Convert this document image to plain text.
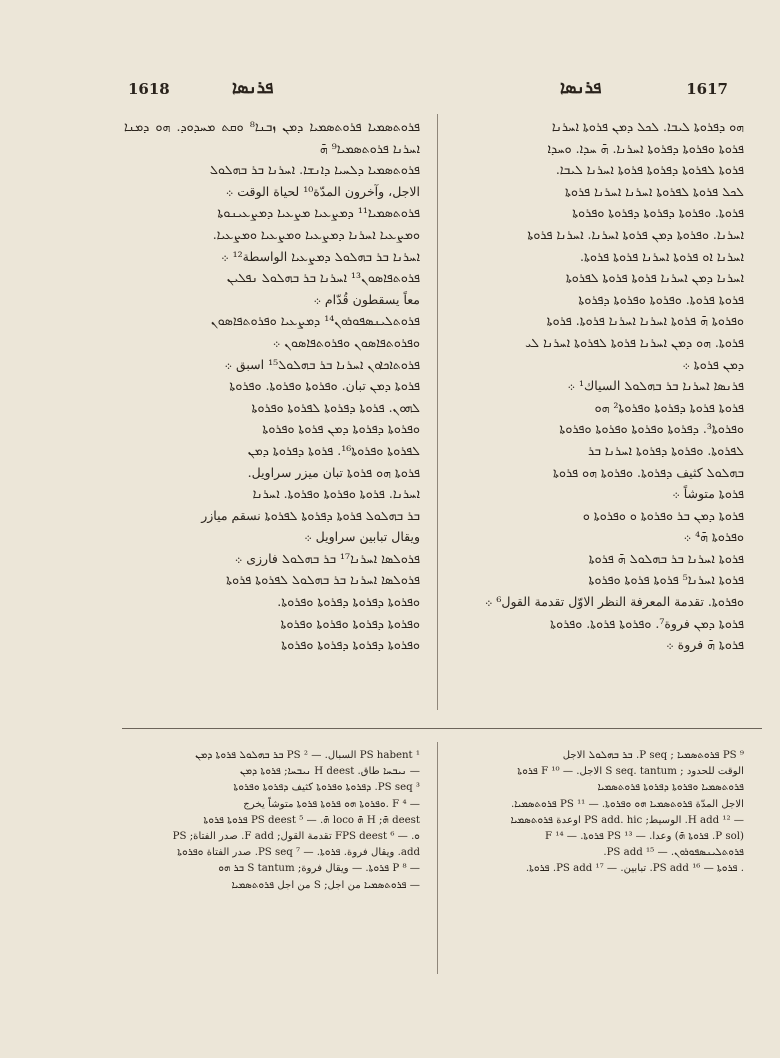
1618	ܦܪܢܣܐ	ܦܪܢܣܐ	1617
ܦܪܘܬܣܡܝܐ ܦܪܘܬܣܡܝܐ ܕܡܢ ܙܒܢܐ⁸ ܘܩܬ ܡܚܕܘܕ. ܗܘ ܕܡܢܐ ܐܚܪܢܐ ܦܪܘܬܣܡܝܐ⁹ ܗ̄
ܦܪܘܬܣܡܝܐ ܕܠܚܝܐ ܕܐܢܫܐ. ܐܚܪܢܐ ܒܪ ܒܗܠܘܠ
الاجل، وآخرون المدّة¹⁰ لحياة الوقت ܀
ܦܪܘܬܣܡܝܐ¹¹ ܕܡܨܥܝܐ ܡܨܥܝܐ ܕܡܨܥܝܢܘܬܐ
ܘܡܨܥܝܐ ܐܚܪܢܐ ܕܡܨܥܝܐ ܘܡܨܥܝܐ ܘܡܨܥܝܐ.
ܐܚܪܢܐ ܒܪ ܒܗܠܘܠ ܕܡܨܥܝܐ الواسطة¹² ܀
ܦܪܘܬܦܐܣܘܢ¹³ ܐܚܪܢܐ ܒܪ ܒܗܠܘܠ ܢܦܠܝܢ
معاً يسقطون قُدّام ܀
ܦܪܘܬܠܝܢܣܦܘܪܘܢ¹⁴ ܕܡܨܥܝܐ ܘܦܪܘܬܦܐܣܘܢ
ܘܦܪܘܬܦܐܣܘܢ ܘܦܪܘܬܦܐܣܘܢ ܀
ܦܪܘܬܐܟܐܘܢ ܐܚܪܢܐ ܒܪ ܒܗܠܘܠ¹⁵ اسبق ܀
ܦܪܘܬܐ ܕܡܢ تبان. ܘܦܪܘܬܐ ܘܦܪܘܬܐ. ܘܦܪܘܬܐ
ܠܗܘܢ. ܦܪܘܬܐ ܕܦܪܘܬܐ ܠܦܪܘܬܐ ܘܦܪܘܬܐ
ܘܦܪܘܬܐ ܕܦܪܘܬܐ ܕܡܢ ܦܪܘܬܐ ܘܦܪܘܬܐ
ܠܦܪܘܬܐ ܘܦܪܘܬܐ¹⁶. ܦܪܘܬܐ ܕܦܪܘܬܐ ܕܡܢ
ܦܪܘܬܐ ܗܘ ܦܪܘܬܐ تبان ميزر سراويل.
ܐܚܪܢܐ. ܦܪܘܬܐ ܘܦܪܘܬܐ ܘܦܪܘܬܐ. ܐܚܪܢܐ
ܒܪ ܒܗܠܘܠ ܦܪܘܬܐ ܕܦܪܘܬܐ ܠܦܪܘܬܐ نسقم ميازر
ويقال تبابين سراويل ܀
ܦܪܘܠܣܐ ܐܚܪܢܐ¹⁷ ܒܪ ܒܗܠܘܠ فارزى ܀
ܦܪܘܠܣܐ ܐܚܪܢܐ ܒܪ ܒܗܠܘܠ ܠܦܪܘܬܐ ܦܪܘܬܐ
ܘܦܪܘܬܐ ܕܦܪܘܬܐ ܕܦܪܘܬܐ ܘܦܪܘܬܐ.
ܘܦܪܘܬܐ ܕܦܪܘܬܐ ܘܦܪܘܬܐ ܘܦܪܘܬܐ
ܘܦܪܘܬܐ ܕܦܪܘܬܐ ܕܦܪܘܬܐ ܘܦܪܘܬܐ
ܗܘ ܕܦܪܘܬܐ ܠܝܒܐ. ܠܟܠ ܕܡܢ ܦܪܘܬܐ ܐܚܪܢܐ
ܦܪܘܬܐ ܘܦܪܘܬܐ ܕܦܪܘܬܐ ܐܚܪܢܐ. ܗ̄ ܚܕܐ. ܘܚܕܐ
ܦܪܘܬܐ ܠܦܪܘܬܐ ܕܦܪܘܬܐ ܦܪܘܬܐ ܐܚܪܢܐ ܠܝܒܐ.
ܠܟܠ ܦܪܘܬܐ ܠܦܪܘܬܐ ܐܚܪܢܐ ܐܚܪܢܐ ܦܪܘܬܐ
ܦܪܘܬܐ. ܘܦܪܘܬܐ ܕܦܪܘܬܐ ܕܦܪܘܬܐ ܘܦܪܘܬܐ
ܐܚܪܢܐ. ܘܦܪܘܬܐ ܕܡܢ ܦܪܘܬܐ ܐܚܪܢܐ. ܐܚܪܢܐ ܦܪܘܬܐ
ܐܚܪܢܐ ܐܘ ܦܪܘܬܐ ܐܚܪܢܐ ܦܪܘܬܐ ܦܪܘܬܐ.
ܐܚܪܢܐ ܕܡܢ ܐܚܪܢܐ ܦܪܘܬܐ ܦܪܘܬܐ ܠܦܪܘܬܐ
ܦܪܘܬܐ ܦܪܘܬܐ. ܘܦܪܘܬܐ ܘܦܪܘܬܐ ܕܦܪܘܬܐ
ܘܦܪܘܬܐ ܗ̄ ܦܪܘܬܐ ܐܚܪܢܐ ܐܚܪܢܐ ܦܪܘܬܐ. ܦܪܘܬܐ
ܦܪܘܬܐ. ܗܘ ܕܡܢ ܐܚܪܢܐ ܦܪܘܬܐ ܠܦܪܘܬܐ ܐܚܪܢܐ ܠܝ
ܕܡܢ ܦܪܘܬܐ ܀
ܦܪܢܣܐ ܐܚܪܢܐ ܒܪ ܒܗܠܘܠ السياك¹ ܀
ܦܪܘܬܐ ܦܪܘܬܐ ܕܦܪܘܬܐ ܘܦܪܘܬܐ² ܗܘ
ܘܦܪܘܬܐ³. ܕܦܪܘܬܐ ܘܦܪܘܬܐ ܘܦܪܘܬܐ ܘܦܪܘܬܐ
ܠܦܪܘܬܐ. ܘܦܪܘܬܐ ܕܦܪܘܬܐ ܐܚܪܢܐ ܒܪ
ܒܗܠܘܠ كثيف ܕܦܪܘܬܐ. ܘܦܪܘܬܐ ܗܘ ܦܪܘܬܐ
ܦܪܘܬܐ متوشاً ܀
ܦܪܘܬܐ ܕܡܢ ܒܪ ܘܦܪܘܬܐ ܘ ܘܦܪܘܬܐ ܘ
ܘܦܪܘܬܐ ܗ̄⁴ ܀
ܦܪܘܬܐ ܐܚܪܢܐ ܒܪ ܒܗܠܘܠ ܗ̄ ܦܪܘܬܐ
ܦܪܘܬܐ ܐܚܪܢܐ⁵ ܦܪܘܬܐ ܦܪܘܬܐ ܘܦܪܘܬܐ
ܘܦܪܘܬܐ. تقدمة المعرفة النظر الاوّل تقدمة القول⁶ ܀
ܦܪܘܬܐ ܕܡܢ فروة⁷. ܘܦܪܘܬܐ ܦܪܘܬܐ. ܘܦܪܘܬܐ
ܦܪܘܬܐ ܗ̄ فروة ܀
¹ PS habent السبال. — ² PS ܒܪ ܒܗܠܘܠ ܦܪܘܬܐ ܕܡܢ
— ܢܝܒܚܐ طاق. H deest ܢܝܒܚܐ; ܦܪܘܬܐ ܕܡܢ
³ PS seq. ܕܦܪܘܬܐ ܘܦܪܘܬܐ كثيف ܕܦܪܘܬܐ ܘܦܪܘܬܐ
— ⁴ F .ܘܦܪܘܬܐ ܗܘ ܦܪܘܬܐ ܦܪܘܬܐ متوشاً يخرج
deest ܗ̄; H ܗ̄ loco ܗ̄. — ⁵ PS deest ܦܪܘܬܐ ܦܪܘܬܐ
ܘ. — ⁶ FPS deest تقدمة القول; F add. صدر الفتاة; PS
add. ويقال فروة. ܦܪܘܬܐ. — ⁷ PS seq. صدر الفتاة ܘܦܪܘܬܐ
— ⁸ P ܦܪܘܬܐ. — ويقال فروة; S tantum ܒܪ ܗܘ
— ܦܪܘܬܣܡܝܐ من اجل; S من اجل ܦܪܘܬܣܡܝܐ
⁹ PS ܦܪܘܬܣܡܝܐ ; P seq. ܒܪ ܒܗܠܘܠ الاجل
الوقت للحدود ; S seq. tantum الاجل. — ¹⁰ F ܦܪܘܬܐ
ܦܪܘܬܣܡܝܐ ܘܦܪܘܬܐ ܕܦܪܘܬܐ ܦܪܘܬܣܡܝܐ
الاجل المدّة ܦܪܘܬܣܡܝܐ ܗܘ ܘܦܪܘܬܐ. — ¹¹ PS ܦܪܘܬܣܡܝܐ.
— ¹² H add. الوسيط; PS add. hic اوعدة ܦܪܘܬܣܡܝܐ
(P sol. ܦܪܘܬܐ ܗ̄) وعدا. — ¹³ PS ܦܪܘܬܐ. — ¹⁴ F
ܦܪܘܬܠܝܢܣܦܘܪܘܢ. — ¹⁵ PS add.
. ܦܪܘܬܐ — ¹⁶ PS add. تبابين. — ¹⁷ PS add. ܦܪܘܬܐ.
